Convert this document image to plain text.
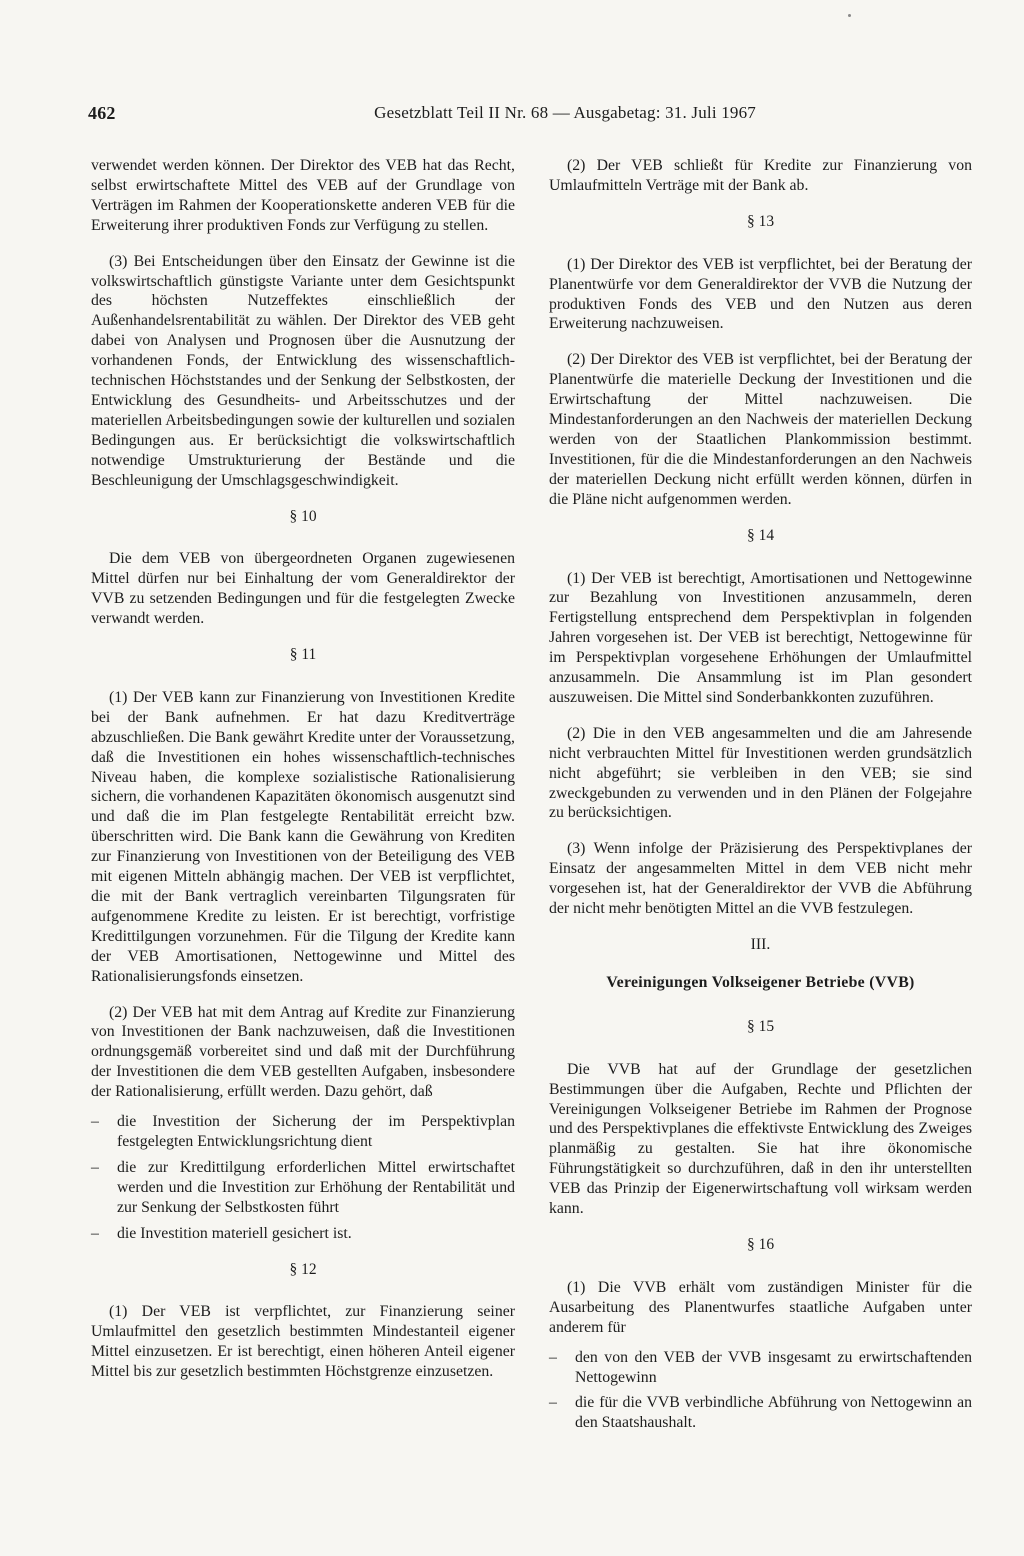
462	Gesetzblatt Teil II Nr. 68 — Ausgabetag: 31. Juli 1967

verwendet werden können. Der Direktor des VEB hat das Recht, selbst erwirtschaftete Mittel des VEB auf der Grundlage von Verträgen im Rahmen der Kooperationskette anderen VEB für die Erweiterung ihrer produktiven Fonds zur Verfügung zu stellen.

(3) Bei Entscheidungen über den Einsatz der Gewinne ist die volkswirtschaftlich günstigste Variante unter dem Gesichtspunkt des höchsten Nutzeffektes einschließlich der Außenhandelsrentabilität zu wählen. Der Direktor des VEB geht dabei von Analysen und Prognosen über die Ausnutzung der vorhandenen Fonds, der Entwicklung des wissenschaftlich-technischen Höchststandes und der Senkung der Selbstkosten, der Entwicklung des Gesundheits- und Arbeitsschutzes und der materiellen Arbeitsbedingungen sowie der kulturellen und sozialen Bedingungen aus. Er berücksichtigt die volkswirtschaftlich notwendige Umstrukturierung der Bestände und die Beschleunigung der Umschlagsgeschwindigkeit.

§ 10

Die dem VEB von übergeordneten Organen zugewiesenen Mittel dürfen nur bei Einhaltung der vom Generaldirektor der VVB zu setzenden Bedingungen und für die festgelegten Zwecke verwandt werden.

§ 11

(1) Der VEB kann zur Finanzierung von Investitionen Kredite bei der Bank aufnehmen. Er hat dazu Kreditverträge abzuschließen. Die Bank gewährt Kredite unter der Voraussetzung, daß die Investitionen ein hohes wissenschaftlich-technisches Niveau haben, die komplexe sozialistische Rationalisierung sichern, die vorhandenen Kapazitäten ökonomisch ausgenutzt sind und daß die im Plan festgelegte Rentabilität erreicht bzw. überschritten wird. Die Bank kann die Gewährung von Krediten zur Finanzierung von Investitionen von der Beteiligung des VEB mit eigenen Mitteln abhängig machen. Der VEB ist verpflichtet, die mit der Bank vertraglich vereinbarten Tilgungsraten für aufgenommene Kredite zu leisten. Er ist berechtigt, vorfristige Kredittilgungen vorzunehmen. Für die Tilgung der Kredite kann der VEB Amortisationen, Nettogewinne und Mittel des Rationalisierungsfonds einsetzen.

(2) Der VEB hat mit dem Antrag auf Kredite zur Finanzierung von Investitionen der Bank nachzuweisen, daß die Investitionen ordnungsgemäß vorbereitet sind und daß mit der Durchführung der Investitionen die dem VEB gestellten Aufgaben, insbesondere der Rationalisierung, erfüllt werden. Dazu gehört, daß

– die Investition der Sicherung der im Perspektivplan festgelegten Entwicklungsrichtung dient
– die zur Kredittilgung erforderlichen Mittel erwirtschaftet werden und die Investition zur Erhöhung der Rentabilität und zur Senkung der Selbstkosten führt
– die Investition materiell gesichert ist.
§ 12

(1) Der VEB ist verpflichtet, zur Finanzierung seiner Umlaufmittel den gesetzlich bestimmten Mindestanteil eigener Mittel einzusetzen. Er ist berechtigt, einen höheren Anteil eigener Mittel bis zur gesetzlich bestimmten Höchstgrenze einzusetzen.

(2) Der VEB schließt für Kredite zur Finanzierung von Umlaufmitteln Verträge mit der Bank ab.

§ 13

(1) Der Direktor des VEB ist verpflichtet, bei der Beratung der Planentwürfe vor dem Generaldirektor der VVB die Nutzung der produktiven Fonds des VEB und den Nutzen aus deren Erweiterung nachzuweisen.

(2) Der Direktor des VEB ist verpflichtet, bei der Beratung der Planentwürfe die materielle Deckung der Investitionen und die Erwirtschaftung der Mittel nachzuweisen. Die Mindestanforderungen an den Nachweis der materiellen Deckung werden von der Staatlichen Plankommission bestimmt. Investitionen, für die die Mindestanforderungen an den Nachweis der materiellen Deckung nicht erfüllt werden können, dürfen in die Pläne nicht aufgenommen werden.

§ 14

(1) Der VEB ist berechtigt, Amortisationen und Nettogewinne zur Bezahlung von Investitionen anzusammeln, deren Fertigstellung entsprechend dem Perspektivplan in folgenden Jahren vorgesehen ist. Der VEB ist berechtigt, Nettogewinne für im Perspektivplan vorgesehene Erhöhungen der Umlaufmittel anzusammeln. Die Ansammlung ist im Plan gesondert auszuweisen. Die Mittel sind Sonderbankkonten zuzuführen.

(2) Die in den VEB angesammelten und die am Jahresende nicht verbrauchten Mittel für Investitionen werden grundsätzlich nicht abgeführt; sie verbleiben in den VEB; sie sind zweckgebunden zu verwenden und in den Plänen der Folgejahre zu berücksichtigen.

(3) Wenn infolge der Präzisierung des Perspektivplanes der Einsatz der angesammelten Mittel in dem VEB nicht mehr vorgesehen ist, hat der Generaldirektor der VVB die Abführung der nicht mehr benötigten Mittel an die VVB festzulegen.

III.
Vereinigungen Volkseigener Betriebe (VVB)
§ 15

Die VVB hat auf der Grundlage der gesetzlichen Bestimmungen über die Aufgaben, Rechte und Pflichten der Vereinigungen Volkseigener Betriebe im Rahmen der Prognose und des Perspektivplanes die effektivste Entwicklung des Zweiges planmäßig zu gestalten. Sie hat ihre ökonomische Führungstätigkeit so durchzuführen, daß in den ihr unterstellten VEB das Prinzip der Eigenerwirtschaftung voll wirksam werden kann.

§ 16

(1) Die VVB erhält vom zuständigen Minister für die Ausarbeitung des Planentwurfes staatliche Aufgaben unter anderem für

– den von den VEB der VVB insgesamt zu erwirtschaftenden Nettogewinn
– die für die VVB verbindliche Abführung von Nettogewinn an den Staatshaushalt.
